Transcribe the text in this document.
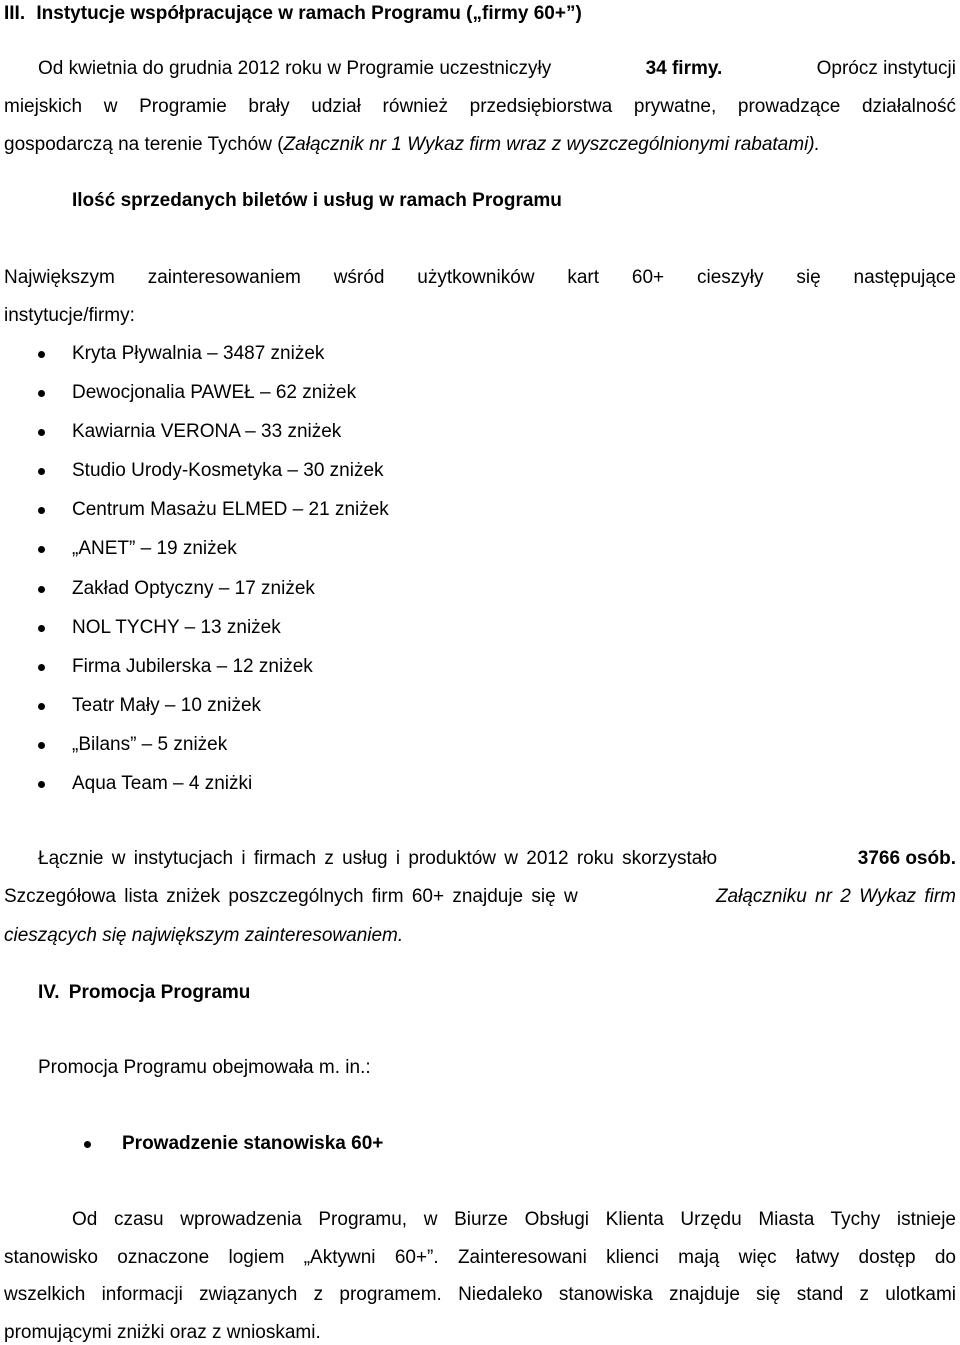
III. Instytucje współpracujące w ramach Programu („firmy 60+”)
Od kwietnia do grudnia 2012 roku w Programie uczestniczyły	34 firmy.	Oprócz instytucji
miejskich w Programie brały udział również przedsiębiorstwa prywatne, prowadzące działalność
gospodarczą na terenie Tychów (Załącznik nr 1 Wykaz firm wraz z wyszczególnionymi rabatami).
Ilość sprzedanych biletów i usług w ramach Programu
Największym zainteresowaniem wśród użytkowników kart 60+ cieszyły się następujące
instytucje/firmy:
Kryta Pływalnia – 3487 zniżek
Dewocjonalia PAWEŁ – 62 zniżek
Kawiarnia VERONA – 33 zniżek
Studio Urody-Kosmetyka – 30 zniżek
Centrum Masażu ELMED – 21 zniżek
„ANET” – 19 zniżek
Zakład Optyczny – 17 zniżek
NOL TYCHY – 13 zniżek
Firma Jubilerska – 12 zniżek
Teatr Mały – 10 zniżek
„Bilans” – 5 zniżek
Aqua Team – 4 zniżki
Łącznie w instytucjach i firmach z usług i produktów w 2012 roku skorzystało	3766 osób.
Szczegółowa lista zniżek poszczególnych firm 60+ znajduje się w	Załączniku nr 2 Wykaz firm
cieszących się największym zainteresowaniem.
IV. Promocja Programu
Promocja Programu obejmowała m. in.:
Prowadzenie stanowiska 60+
Od czasu wprowadzenia Programu, w Biurze Obsługi Klienta Urzędu Miasta Tychy istnieje
stanowisko oznaczone logiem „Aktywni 60+”. Zainteresowani klienci mają więc łatwy dostęp do
wszelkich informacji związanych z programem. Niedaleko stanowiska znajduje się stand z ulotkami
promującymi zniżki oraz z wnioskami.
